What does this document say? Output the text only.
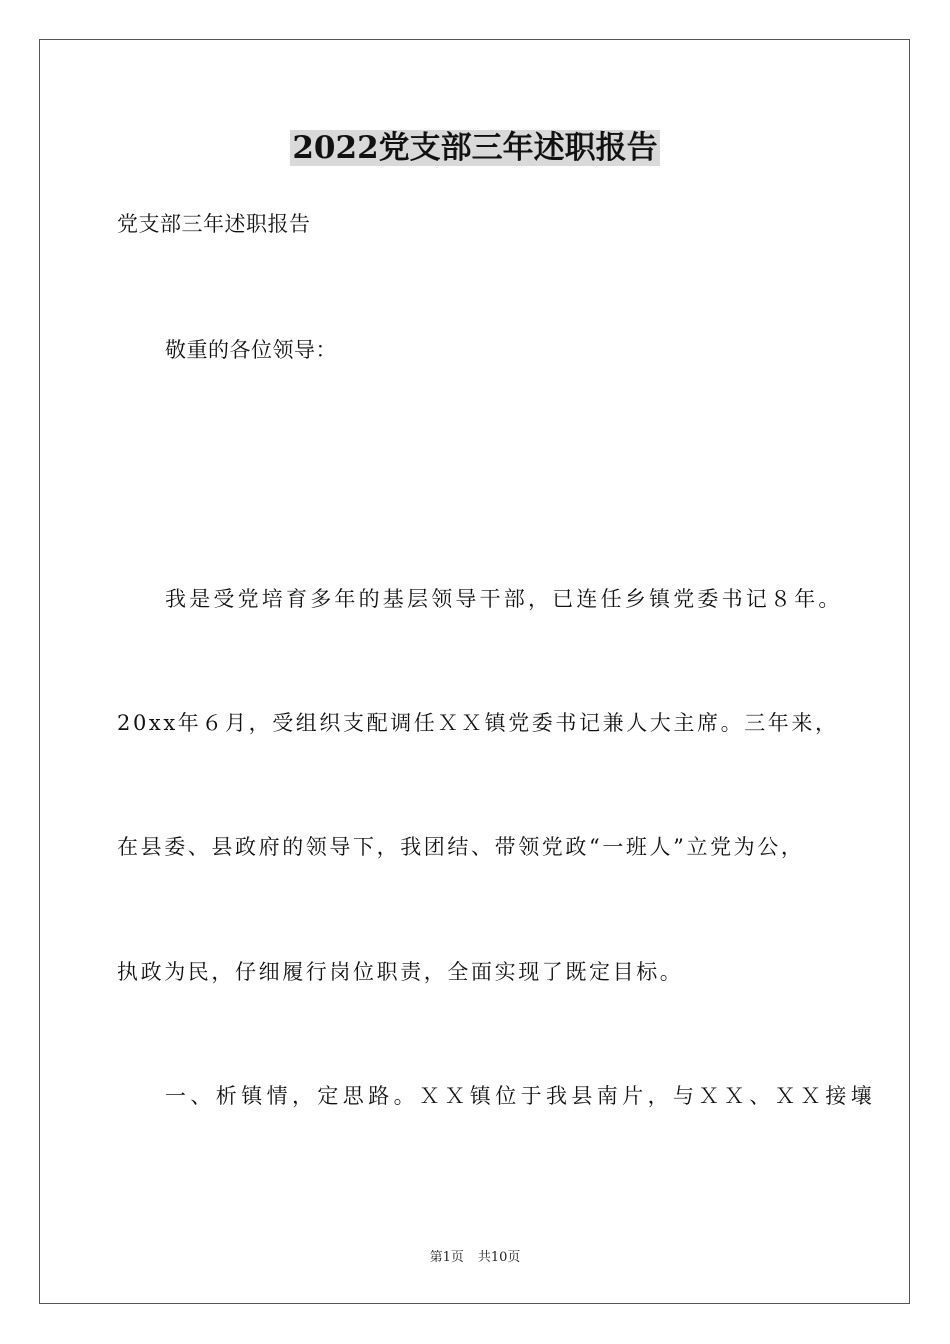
2022党支部三年述职报告
党支部三年述职报告
敬重的各位领导：
我是受党培育多年的基层领导干部，已连任乡镇党委书记８年。
20xx年６月，受组织支配调任ＸＸ镇党委书记兼人大主席。三年来，
在县委、县政府的领导下，我团结、带领党政“一班人”立党为公，
执政为民，仔细履行岗位职责，全面实现了既定目标。
一、析镇情，定思路。ＸＸ镇位于我县南片，与ＸＸ、ＸＸ接壤
第1页 共10页
